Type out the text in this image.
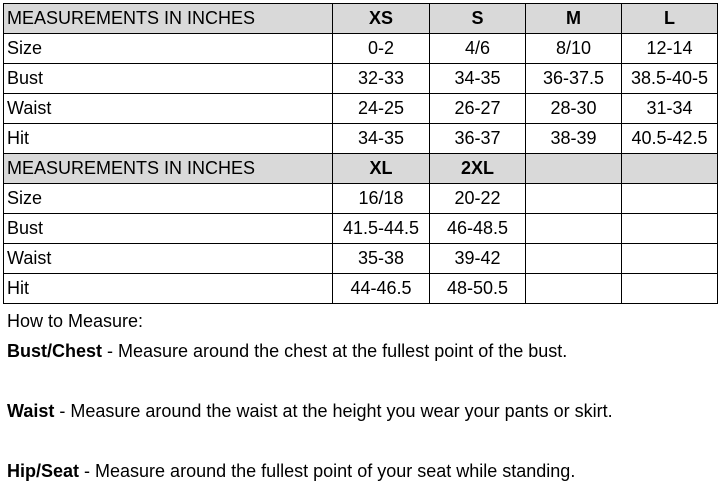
MEASUREMENTS IN INCHES	XS	S	M	L
Size	0-2	4/6	8/10	12-14
Bust	32-33	34-35	36-37.5	38.5-40-5
Waist	24-25	26-27	28-30	31-34
Hit	34-35	36-37	38-39	40.5-42.5
MEASUREMENTS IN INCHES	XL	2XL		
Size	16/18	20-22		
Bust	41.5-44.5	46-48.5		
Waist	35-38	39-42		
Hit	44-46.5	48-50.5		

How to Measure:

Bust/Chest - Measure around the chest at the fullest point of the bust.

Waist - Measure around the waist at the height you wear your pants or skirt.

Hip/Seat - Measure around the fullest point of your seat while standing.
